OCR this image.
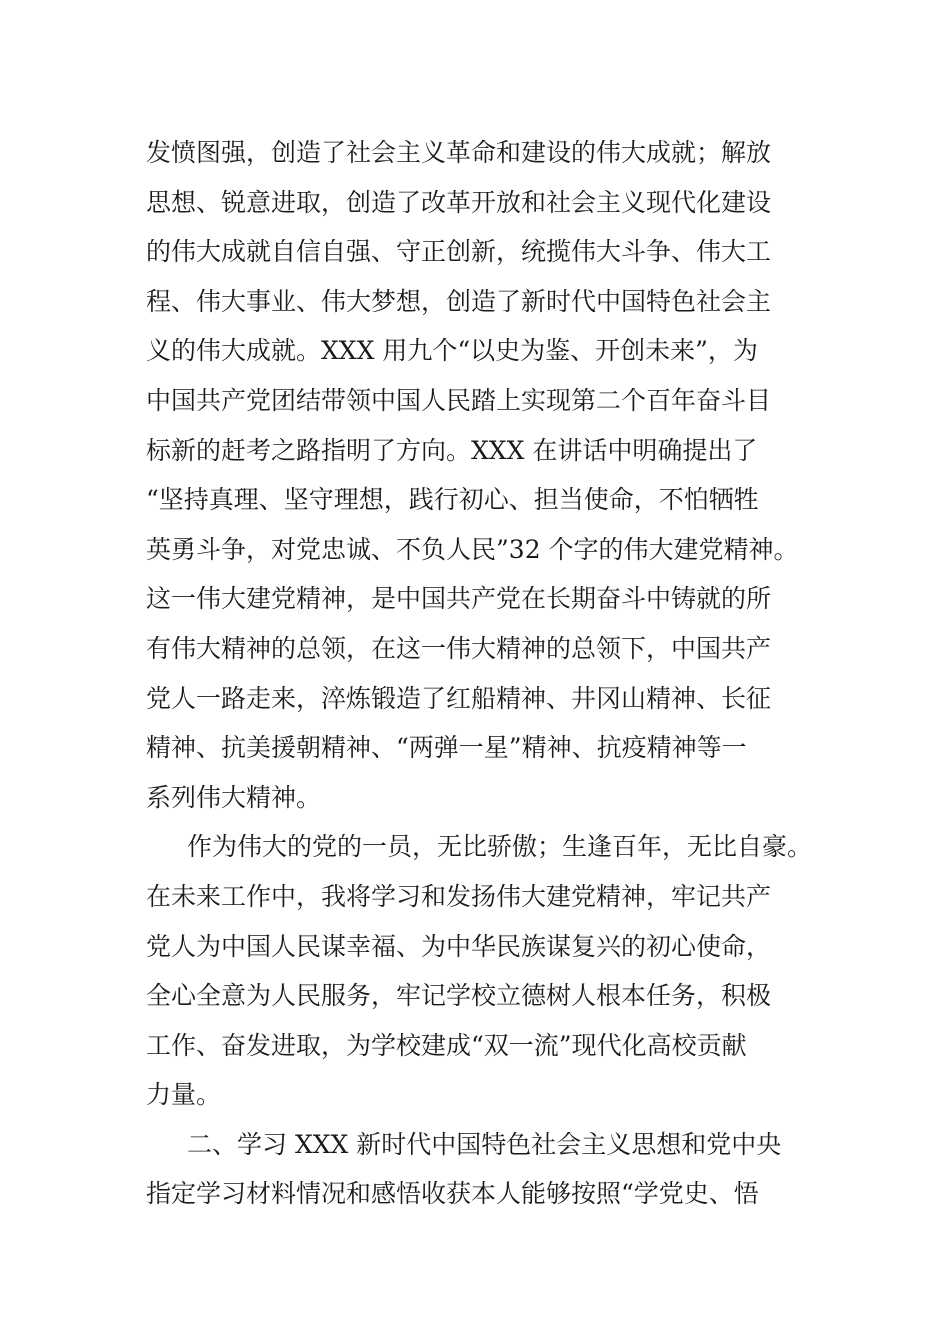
发愤图强，创造了社会主义革命和建设的伟大成就；解放
思想、锐意进取，创造了改革开放和社会主义现代化建设
的伟大成就自信自强、守正创新，统揽伟大斗争、伟大工
程、伟大事业、伟大梦想，创造了新时代中国特色社会主
义的伟大成就。XXX 用九个“以史为鉴、开创未来”，为
中国共产党团结带领中国人民踏上实现第二个百年奋斗目
标新的赶考之路指明了方向。XXX 在讲话中明确提出了
“坚持真理、坚守理想，践行初心、担当使命，不怕牺牲
英勇斗争，对党忠诚、不负人民”32 个字的伟大建党精神。
这一伟大建党精神，是中国共产党在长期奋斗中铸就的所
有伟大精神的总领，在这一伟大精神的总领下，中国共产
党人一路走来，淬炼锻造了红船精神、井冈山精神、长征
精神、抗美援朝精神、“两弹一星”精神、抗疫精神等一
系列伟大精神。
作为伟大的党的一员，无比骄傲；生逢百年，无比自豪。
在未来工作中，我将学习和发扬伟大建党精神，牢记共产
党人为中国人民谋幸福、为中华民族谋复兴的初心使命，
全心全意为人民服务，牢记学校立德树人根本任务，积极
工作、奋发进取，为学校建成“双一流”现代化高校贡献
力量。
二、学习 XXX 新时代中国特色社会主义思想和党中央
指定学习材料情况和感悟收获本人能够按照“学党史、悟
